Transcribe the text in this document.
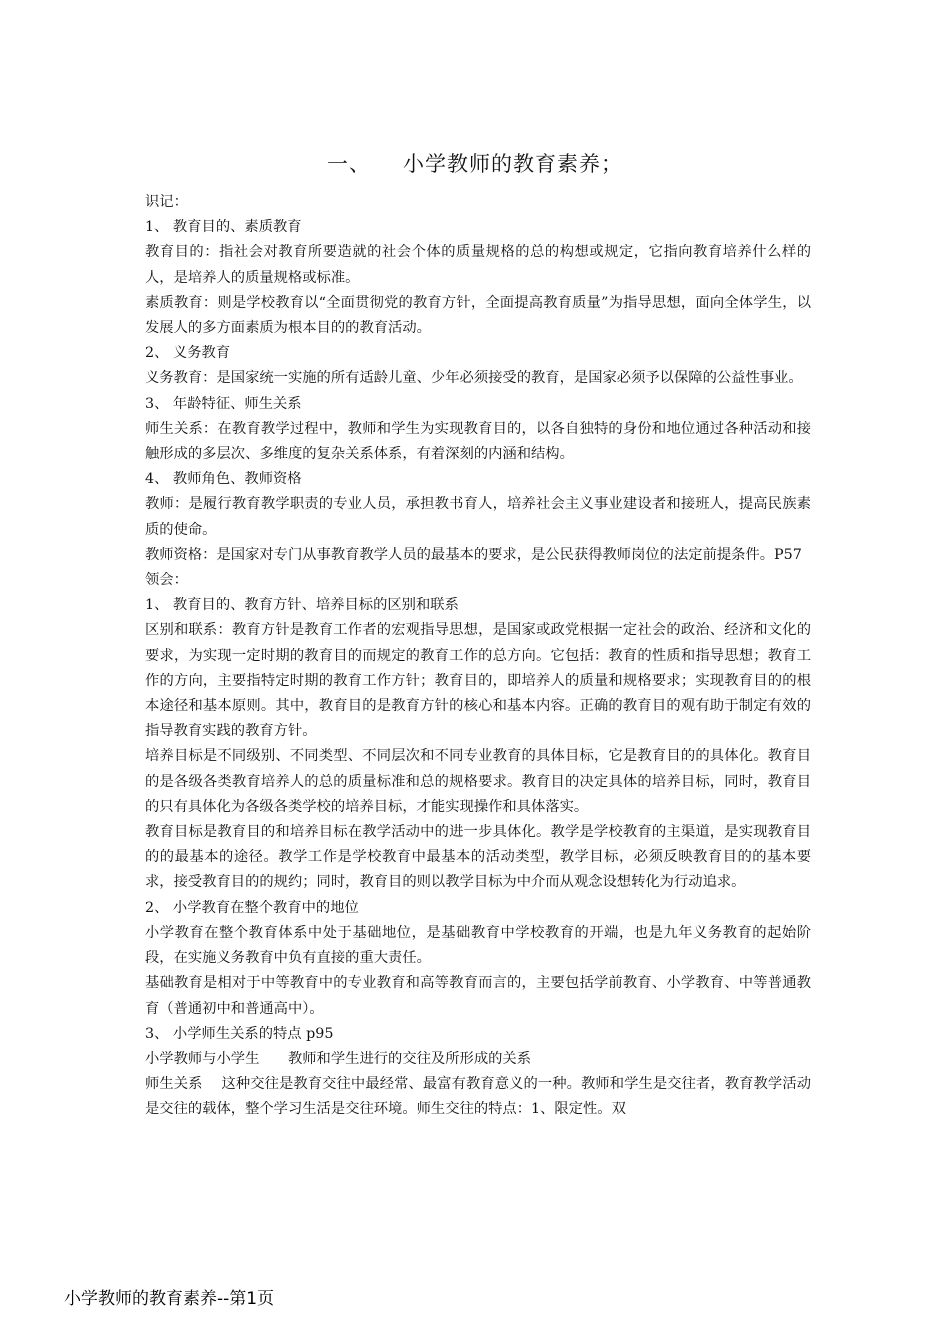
一、 小学教师的教育素养；

识记：

1、 教育目的、素质教育

教育目的：指社会对教育所要造就的社会个体的质量规格的总的构想或规定，它指向教育培养什么样的人，是培养人的质量规格或标准。

素质教育：则是学校教育以“全面贯彻党的教育方针，全面提高教育质量”为指导思想，面向全体学生，以发展人的多方面素质为根本目的的教育活动。

2、 义务教育

义务教育：是国家统一实施的所有适龄儿童、少年必须接受的教育，是国家必须予以保障的公益性事业。

3、 年龄特征、师生关系

师生关系：在教育教学过程中，教师和学生为实现教育目的，以各自独特的身份和地位通过各种活动和接触形成的多层次、多维度的复杂关系体系，有着深刻的内涵和结构。

4、 教师角色、教师资格

教师：是履行教育教学职责的专业人员，承担教书育人，培养社会主义事业建设者和接班人，提高民族素质的使命。

教师资格：是国家对专门从事教育教学人员的最基本的要求，是公民获得教师岗位的法定前提条件。P57

领会：

1、 教育目的、教育方针、培养目标的区别和联系

区别和联系：教育方针是教育工作者的宏观指导思想，是国家或政党根据一定社会的政治、经济和文化的要求，为实现一定时期的教育目的而规定的教育工作的总方向。它包括：教育的性质和指导思想；教育工作的方向，主要指特定时期的教育工作方针；教育目的，即培养人的质量和规格要求；实现教育目的的根本途径和基本原则。其中，教育目的是教育方针的核心和基本内容。正确的教育目的观有助于制定有效的指导教育实践的教育方针。

培养目标是不同级别、不同类型、不同层次和不同专业教育的具体目标，它是教育目的的具体化。教育目的是各级各类教育培养人的总的质量标准和总的规格要求。教育目的决定具体的培养目标，同时，教育目的只有具体化为各级各类学校的培养目标，才能实现操作和具体落实。

教育目标是教育目的和培养目标在教学活动中的进一步具体化。教学是学校教育的主渠道，是实现教育目的的最基本的途径。教学工作是学校教育中最基本的活动类型，教学目标，必须反映教育目的的基本要求，接受教育目的的规约；同时，教育目的则以教学目标为中介而从观念设想转化为行动追求。

2、 小学教育在整个教育中的地位

小学教育在整个教育体系中处于基础地位，是基础教育中学校教育的开端，也是九年义务教育的起始阶段，在实施义务教育中负有直接的重大责任。

基础教育是相对于中等教育中的专业教育和高等教育而言的，主要包括学前教育、小学教育、中等普通教育（普通初中和普通高中）。

3、 小学师生关系的特点 p95

小学教师与小学生　　教师和学生进行的交往及所形成的关系

师生关系　 这种交往是教育交往中最经常、最富有教育意义的一种。教师和学生是交往者，教育教学活动是交往的载体，整个学习生活是交往环境。师生交往的特点：1、限定性。双

小学教师的教育素养--第1页
